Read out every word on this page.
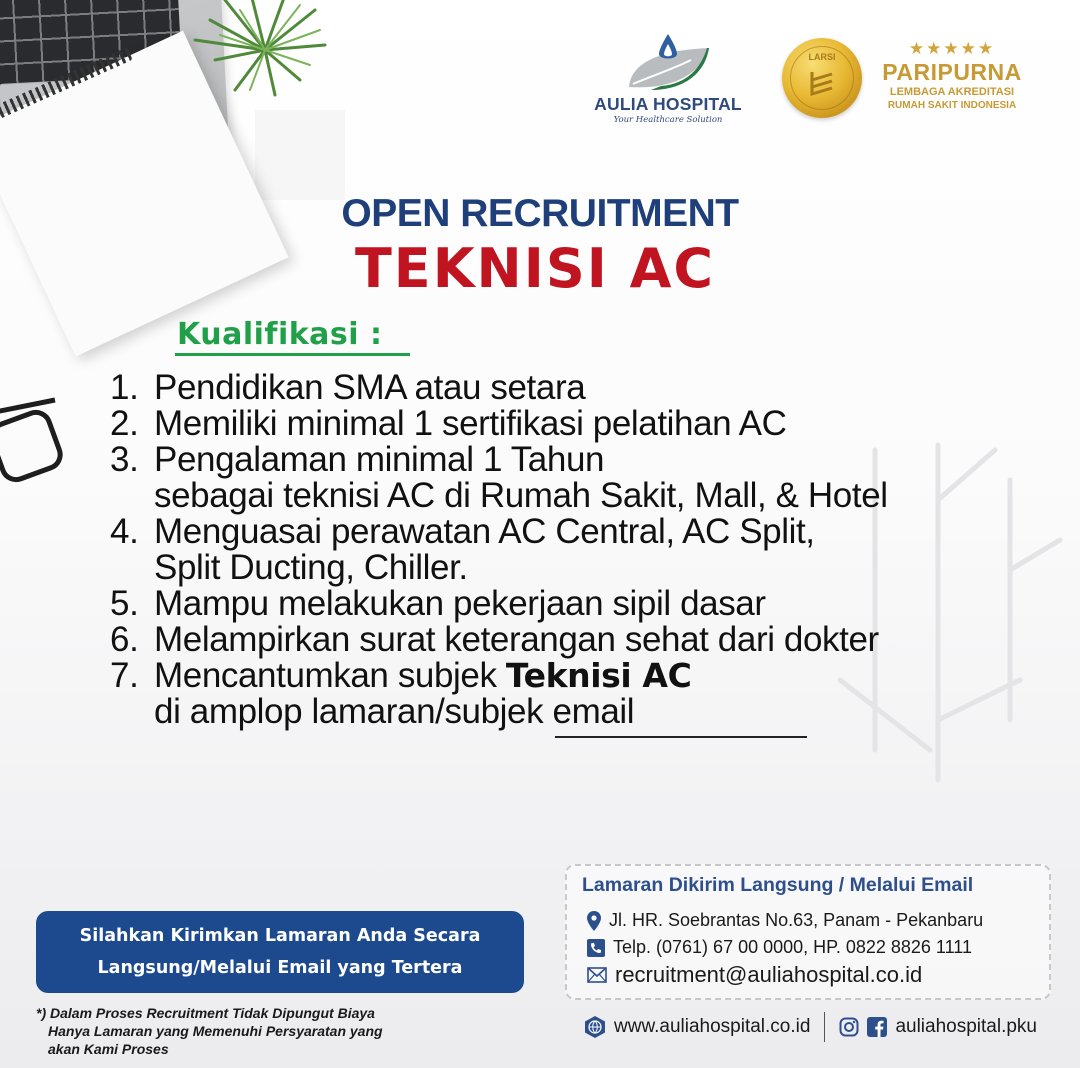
AULIA HOSPITAL
Your Healthcare Solution
LARSI	★★★★★
PARIPURNA
LEMBAGA AKREDITASI
RUMAH SAKIT INDONESIA
OPEN RECRUITMENT
TEKNISI AC
Kualifikasi :
1. Pendidikan SMA atau setara
2. Memiliki minimal 1 sertifikasi pelatihan AC
3. Pengalaman minimal 1 Tahun
sebagai teknisi AC di Rumah Sakit, Mall, & Hotel
4. Menguasai perawatan AC Central, AC Split,
Split Ducting, Chiller.
5. Mampu melakukan pekerjaan sipil dasar
6. Melampirkan surat keterangan sehat dari dokter
7. Mencantumkan subjek Teknisi AC
di amplop lamaran/subjek email
Lamaran Dikirim Langsung / Melalui Email
Jl. HR. Soebrantas No.63, Panam - Pekanbaru
Telp. (0761) 67 00 0000, HP. 0822 8826 1111
recruitment@auliahospital.co.id
Silahkan Kirimkan Lamaran Anda Secara
Langsung/Melalui Email yang Tertera
*) Dalam Proses Recruitment Tidak Dipungut Biaya
Hanya Lamaran yang Memenuhi Persyaratan yang
akan Kami Proses
www.auliahospital.co.id	auliahospital.pku
